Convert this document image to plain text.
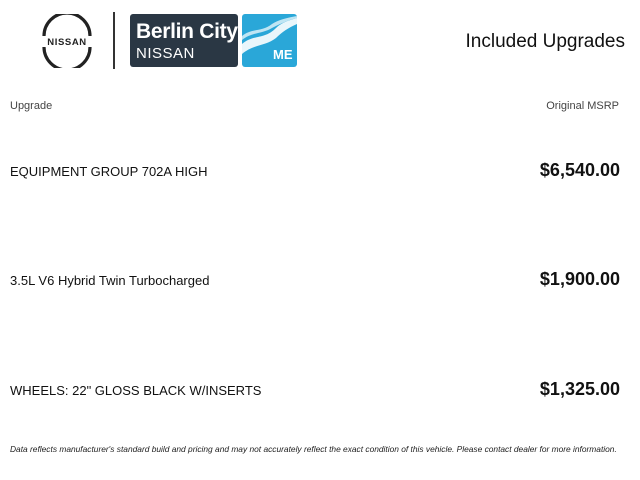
NISSAN Berlin City
NISSAN	ME
Included Upgrades
Upgrade	Original MSRP
EQUIPMENT GROUP 702A HIGH	$6,540.00
3.5L V6 Hybrid Twin Turbocharged	$1,900.00
WHEELS: 22" GLOSS BLACK W/INSERTS	$1,325.00
Data reflects manufacturer's standard build and pricing and may not accurately reflect the exact condition of this vehicle. Please contact dealer for more information.
